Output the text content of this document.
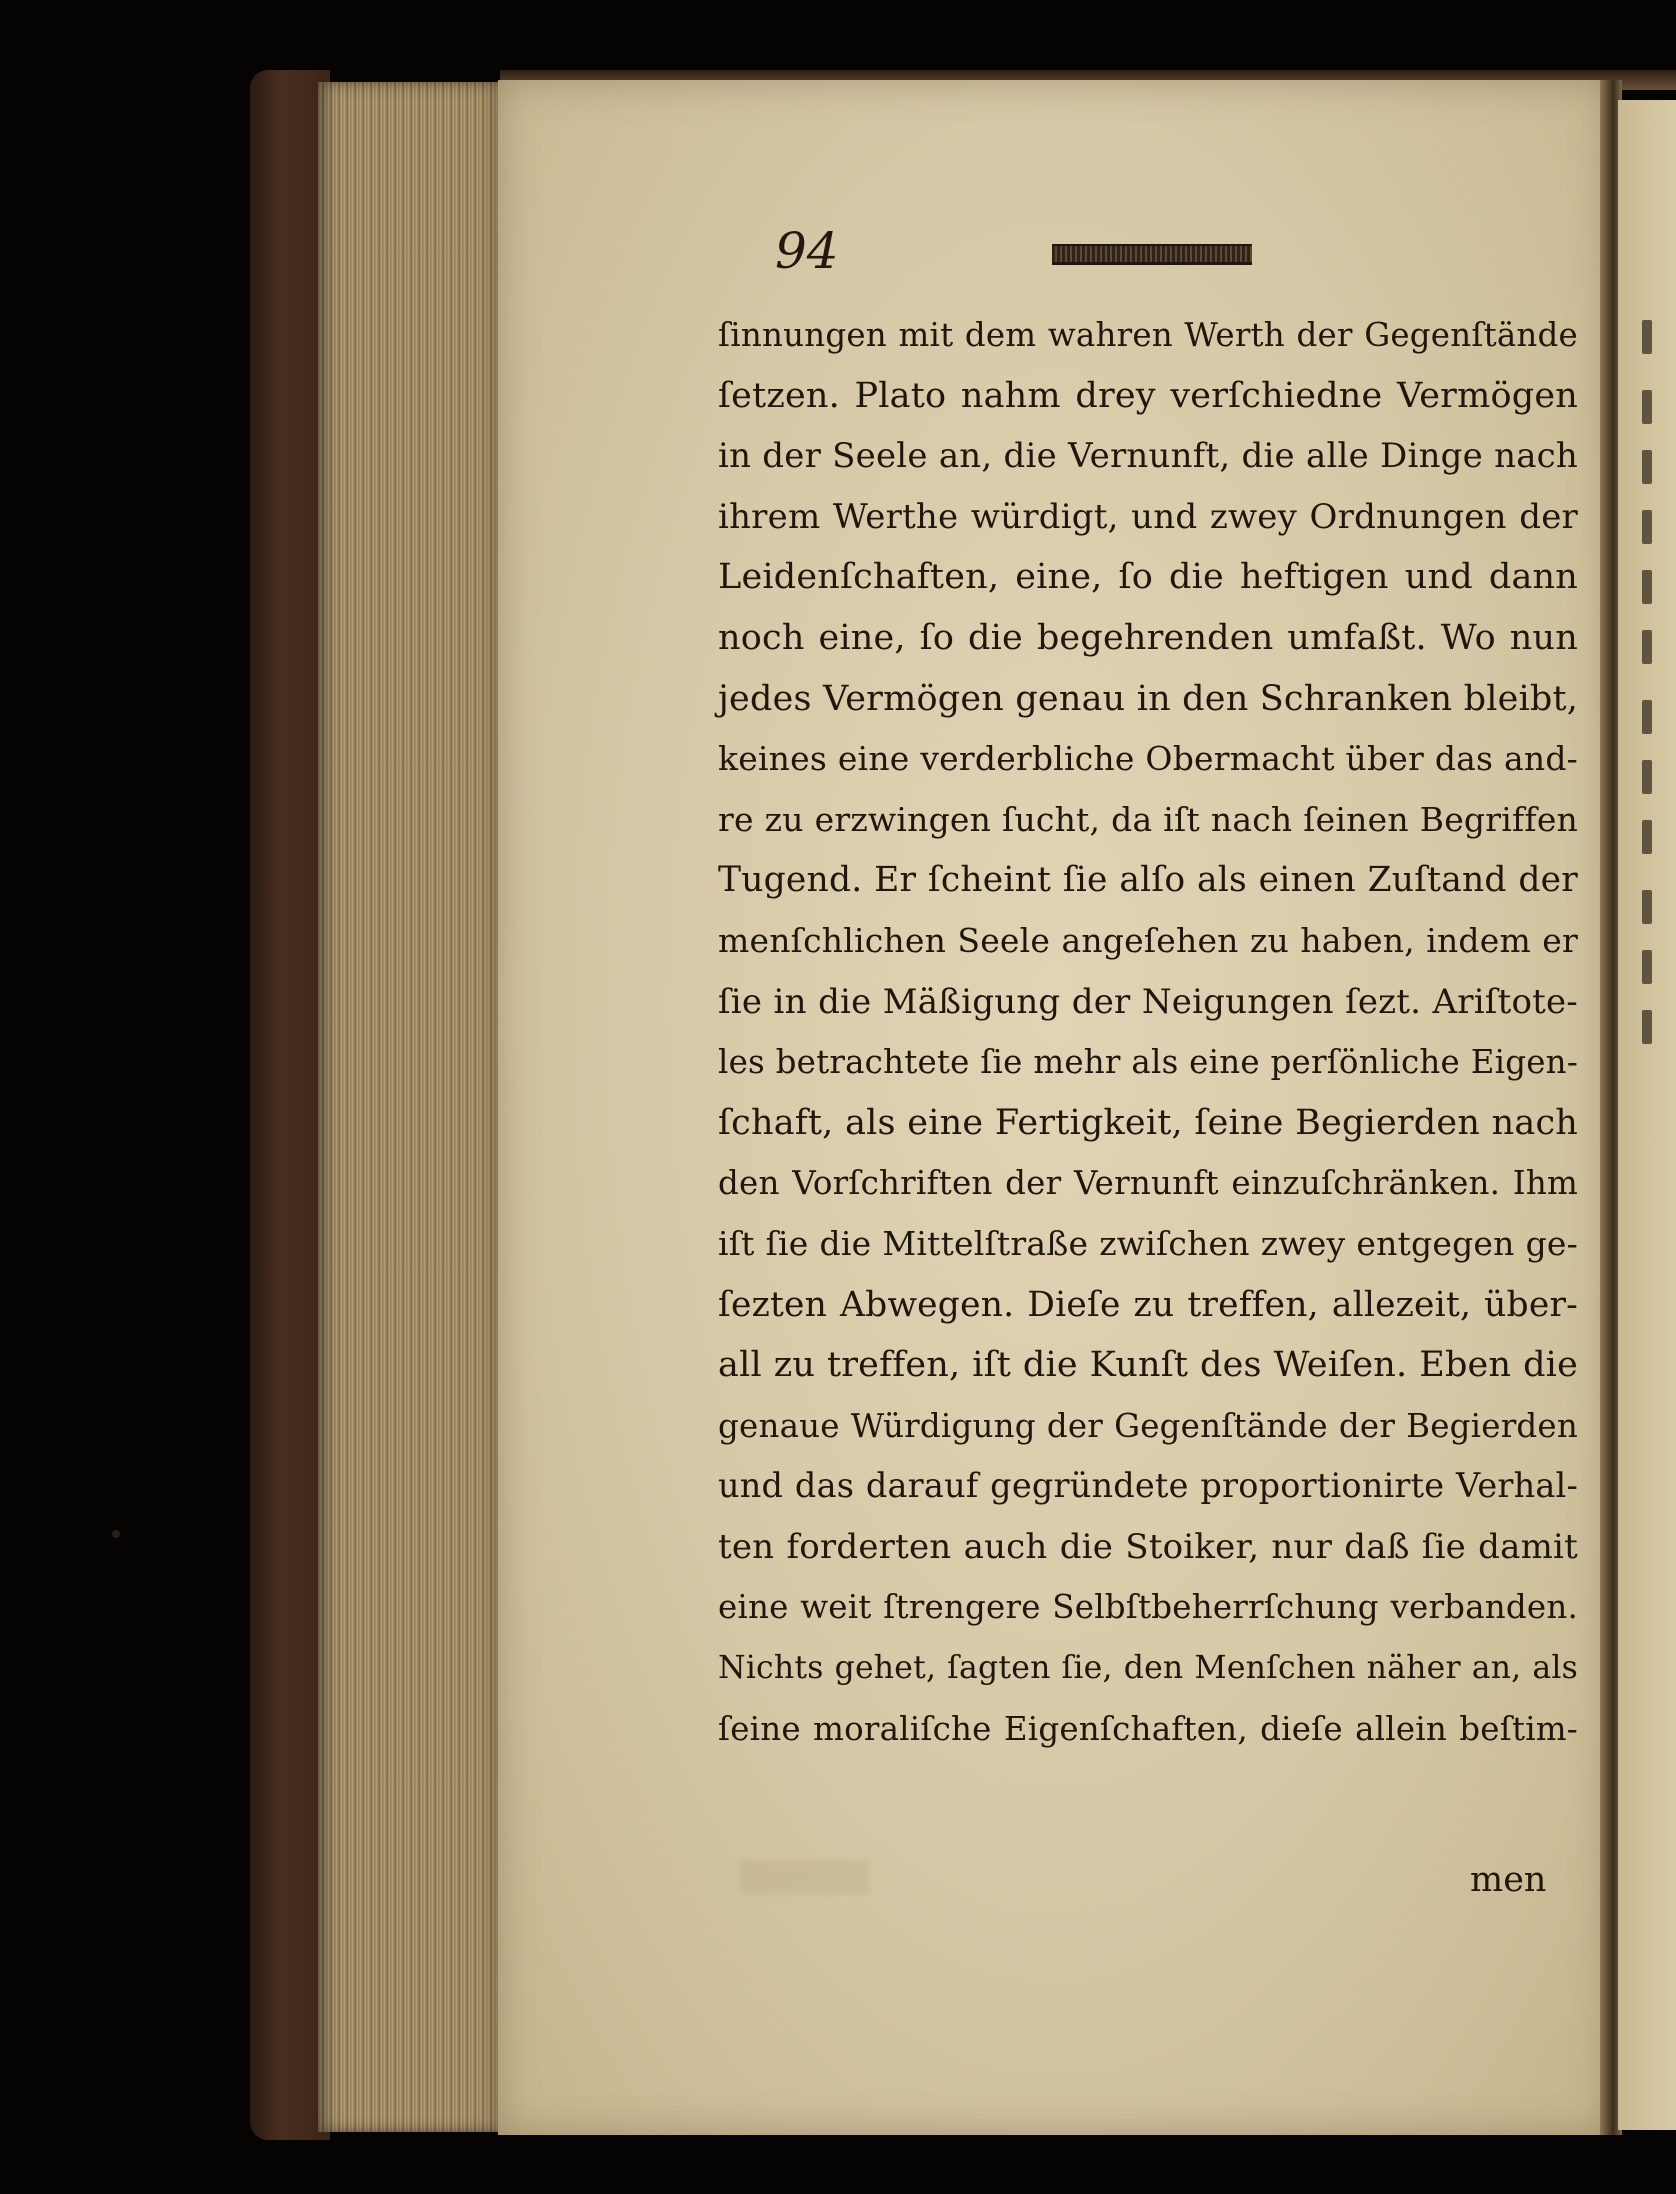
94
ſinnungen mit dem wahren Werth der Gegenſtände
ſetzen. Plato nahm drey verſchiedne Vermögen
in der Seele an, die Vernunft, die alle Dinge nach
ihrem Werthe würdigt, und zwey Ordnungen der
Leidenſchaften, eine, ſo die heftigen und dann
noch eine, ſo die begehrenden umfaßt. Wo nun
jedes Vermögen genau in den Schranken bleibt,
keines eine verderbliche Obermacht über das and-
re zu erzwingen ſucht, da iſt nach ſeinen Begriffen
Tugend. Er ſcheint ſie alſo als einen Zuſtand der
menſchlichen Seele angeſehen zu haben, indem er
ſie in die Mäßigung der Neigungen ſezt. Ariſtote-
les betrachtete ſie mehr als eine perſönliche Eigen-
ſchaft, als eine Fertigkeit, ſeine Begierden nach
den Vorſchriften der Vernunft einzuſchränken. Ihm
iſt ſie die Mittelſtraße zwiſchen zwey entgegen ge-
ſezten Abwegen. Dieſe zu treffen, allezeit, über-
all zu treffen, iſt die Kunſt des Weiſen. Eben die
genaue Würdigung der Gegenſtände der Begierden
und das darauf gegründete proportionirte Verhal-
ten forderten auch die Stoiker, nur daß ſie damit
eine weit ſtrengere Selbſtbeherrſchung verbanden.
Nichts gehet, ſagten ſie, den Menſchen näher an, als
ſeine moraliſche Eigenſchaften, dieſe allein beſtim-
men
